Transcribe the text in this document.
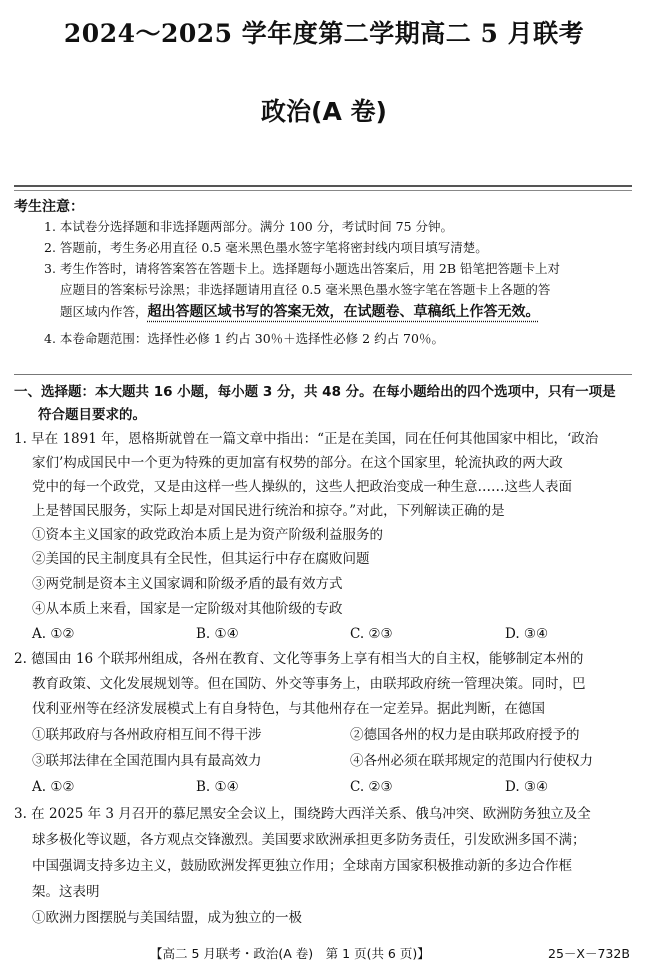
2024～2025 学年度第二学期高二 5 月联考
政治(A 卷)
考生注意：
1. 本试卷分选择题和非选择题两部分。满分 100 分，考试时间 75 分钟。
2. 答题前，考生务必用直径 0.5 毫米黑色墨水签字笔将密封线内项目填写清楚。
3. 考生作答时，请将答案答在答题卡上。选择题每小题选出答案后，用 2B 铅笔把答题卡上对
应题目的答案标号涂黑；非选择题请用直径 0.5 毫米黑色墨水签字笔在答题卡上各题的答
题区域内作答，超出答题区域书写的答案无效，在试题卷、草稿纸上作答无效。
4. 本卷命题范围：选择性必修 1 约占 30％＋选择性必修 2 约占 70％。
一、选择题：本大题共 16 小题，每小题 3 分，共 48 分。在每小题给出的四个选项中，只有一项是
符合题目要求的。
1. 早在 1891 年，恩格斯就曾在一篇文章中指出：“正是在美国，同在任何其他国家中相比，‘政治
家们’构成国民中一个更为特殊的更加富有权势的部分。在这个国家里，轮流执政的两大政
党中的每一个政党，又是由这样一些人操纵的，这些人把政治变成一种生意……这些人表面
上是替国民服务，实际上却是对国民进行统治和掠夺。”对此，下列解读正确的是
①资本主义国家的政党政治本质上是为资产阶级利益服务的
②美国的民主制度具有全民性，但其运行中存在腐败问题
③两党制是资本主义国家调和阶级矛盾的最有效方式
④从本质上来看，国家是一定阶级对其他阶级的专政
A. ①②	B. ①④	C. ②③	D. ③④
2. 德国由 16 个联邦州组成，各州在教育、文化等事务上享有相当大的自主权，能够制定本州的
教育政策、文化发展规划等。但在国防、外交等事务上，由联邦政府统一管理决策。同时，巴
伐利亚州等在经济发展模式上有自身特色，与其他州存在一定差异。据此判断，在德国
①联邦政府与各州政府相互间不得干涉	②德国各州的权力是由联邦政府授予的
③联邦法律在全国范围内具有最高效力	④各州必须在联邦规定的范围内行使权力
A. ①②	B. ①④	C. ②③	D. ③④
3. 在 2025 年 3 月召开的慕尼黑安全会议上，围绕跨大西洋关系、俄乌冲突、欧洲防务独立及全
球多极化等议题，各方观点交锋激烈。美国要求欧洲承担更多防务责任，引发欧洲多国不满；
中国强调支持多边主义，鼓励欧洲发挥更独立作用；全球南方国家积极推动新的多边合作框
架。这表明
①欧洲力图摆脱与美国结盟，成为独立的一极
【高二 5 月联考・政治(A 卷)　第 1 页(共 6 页)】	25－X－732B
